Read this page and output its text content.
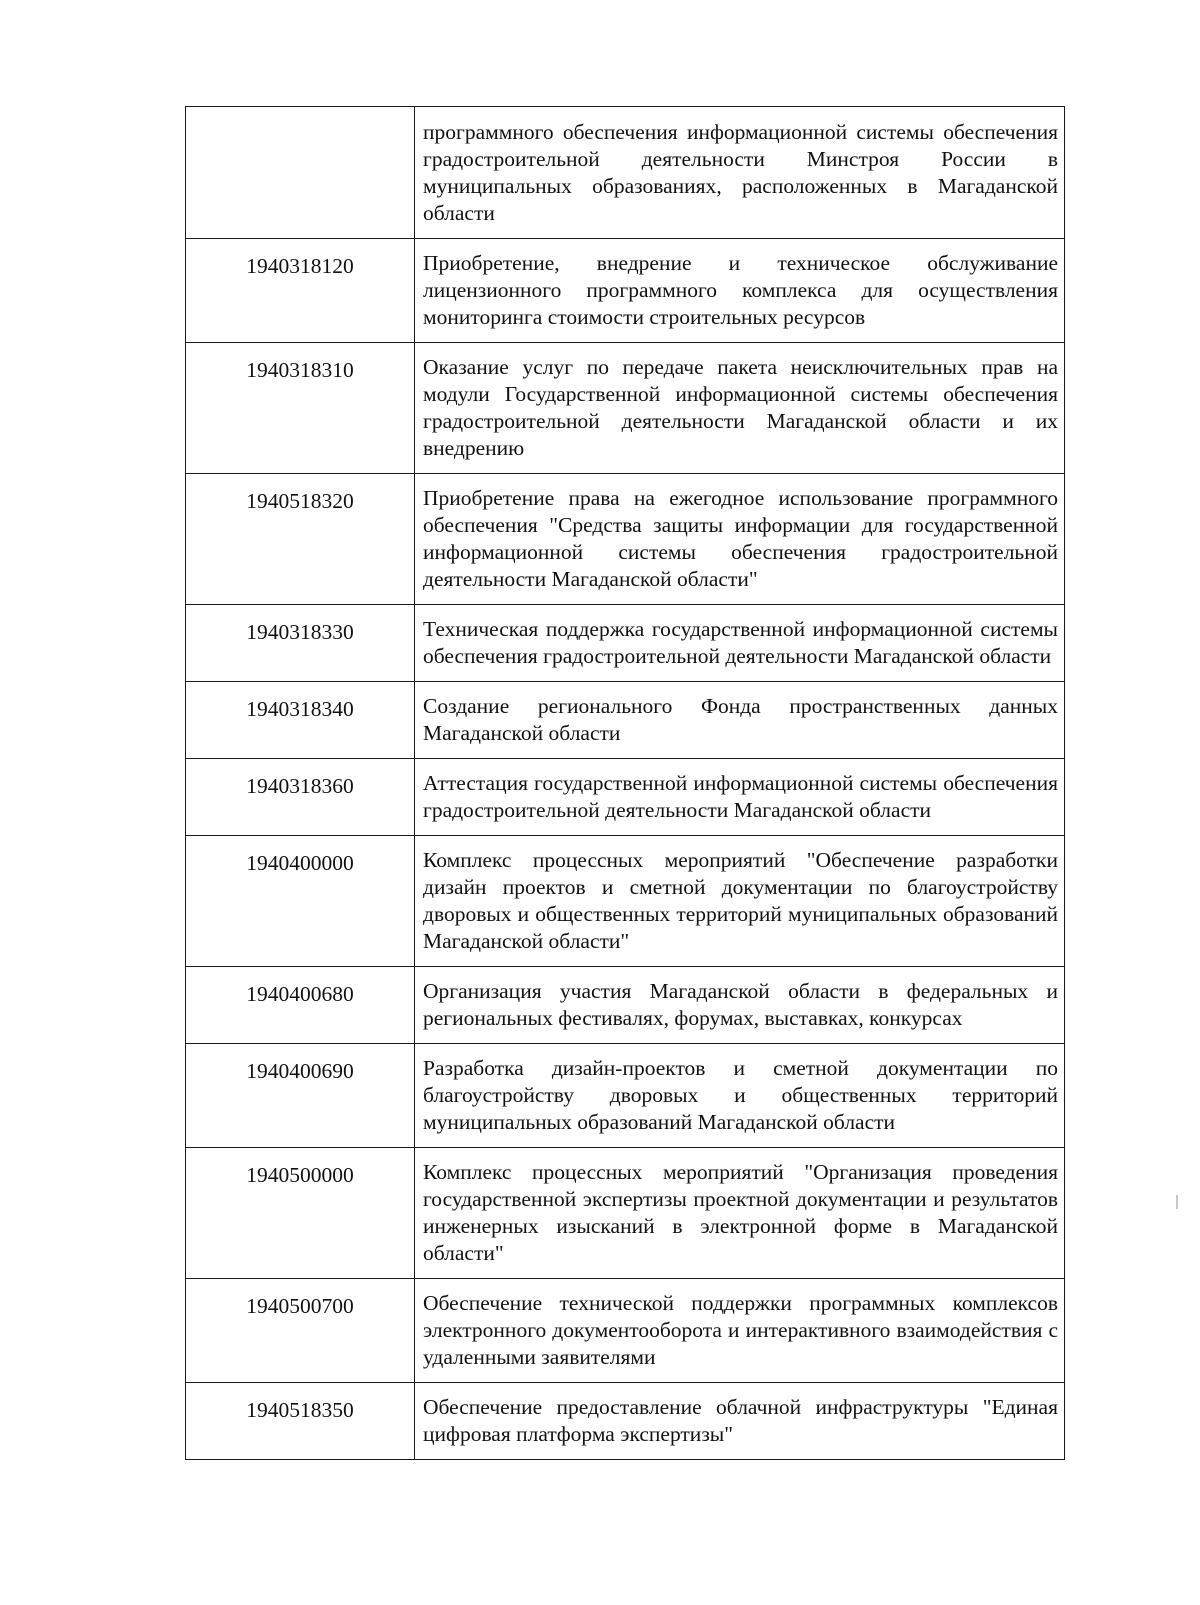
	программного обеспечения информационной системы обеспечения градостроительной деятельности Минстроя России в муниципальных образованиях, расположенных в Магаданской области
1940318120	Приобретение, внедрение и техническое обслуживание лицензионного программного комплекса для осуществления мониторинга стоимости строительных ресурсов
1940318310	Оказание услуг по передаче пакета неисключительных прав на модули Государственной информационной системы обеспечения градостроительной деятельности Магаданской области и их внедрению
1940518320	Приобретение права на ежегодное использование программного обеспечения "Средства защиты информации для государственной информационной системы обеспечения градостроительной деятельности Магаданской области"
1940318330	Техническая поддержка государственной информационной системы обеспечения градостроительной деятельности Магаданской области
1940318340	Создание регионального Фонда пространственных данных Магаданской области
1940318360	Аттестация государственной информационной системы обеспечения градостроительной деятельности Магаданской области
1940400000	Комплекс процессных мероприятий "Обеспечение разработки дизайн проектов и сметной документации по благоустройству дворовых и общественных территорий муниципальных образований Магаданской области"
1940400680	Организация участия Магаданской области в федеральных и региональных фестивалях, форумах, выставках, конкурсах
1940400690	Разработка дизайн-проектов и сметной документации по благоустройству дворовых и общественных территорий муниципальных образований Магаданской области
1940500000	Комплекс процессных мероприятий "Организация проведения государственной экспертизы проектной документации и результатов инженерных изысканий в электронной форме в Магаданской области"
1940500700	Обеспечение технической поддержки программных комплексов электронного документооборота и интерактивного взаимодействия с удаленными заявителями
1940518350	Обеспечение предоставление облачной инфраструктуры "Единая цифровая платформа экспертизы"
